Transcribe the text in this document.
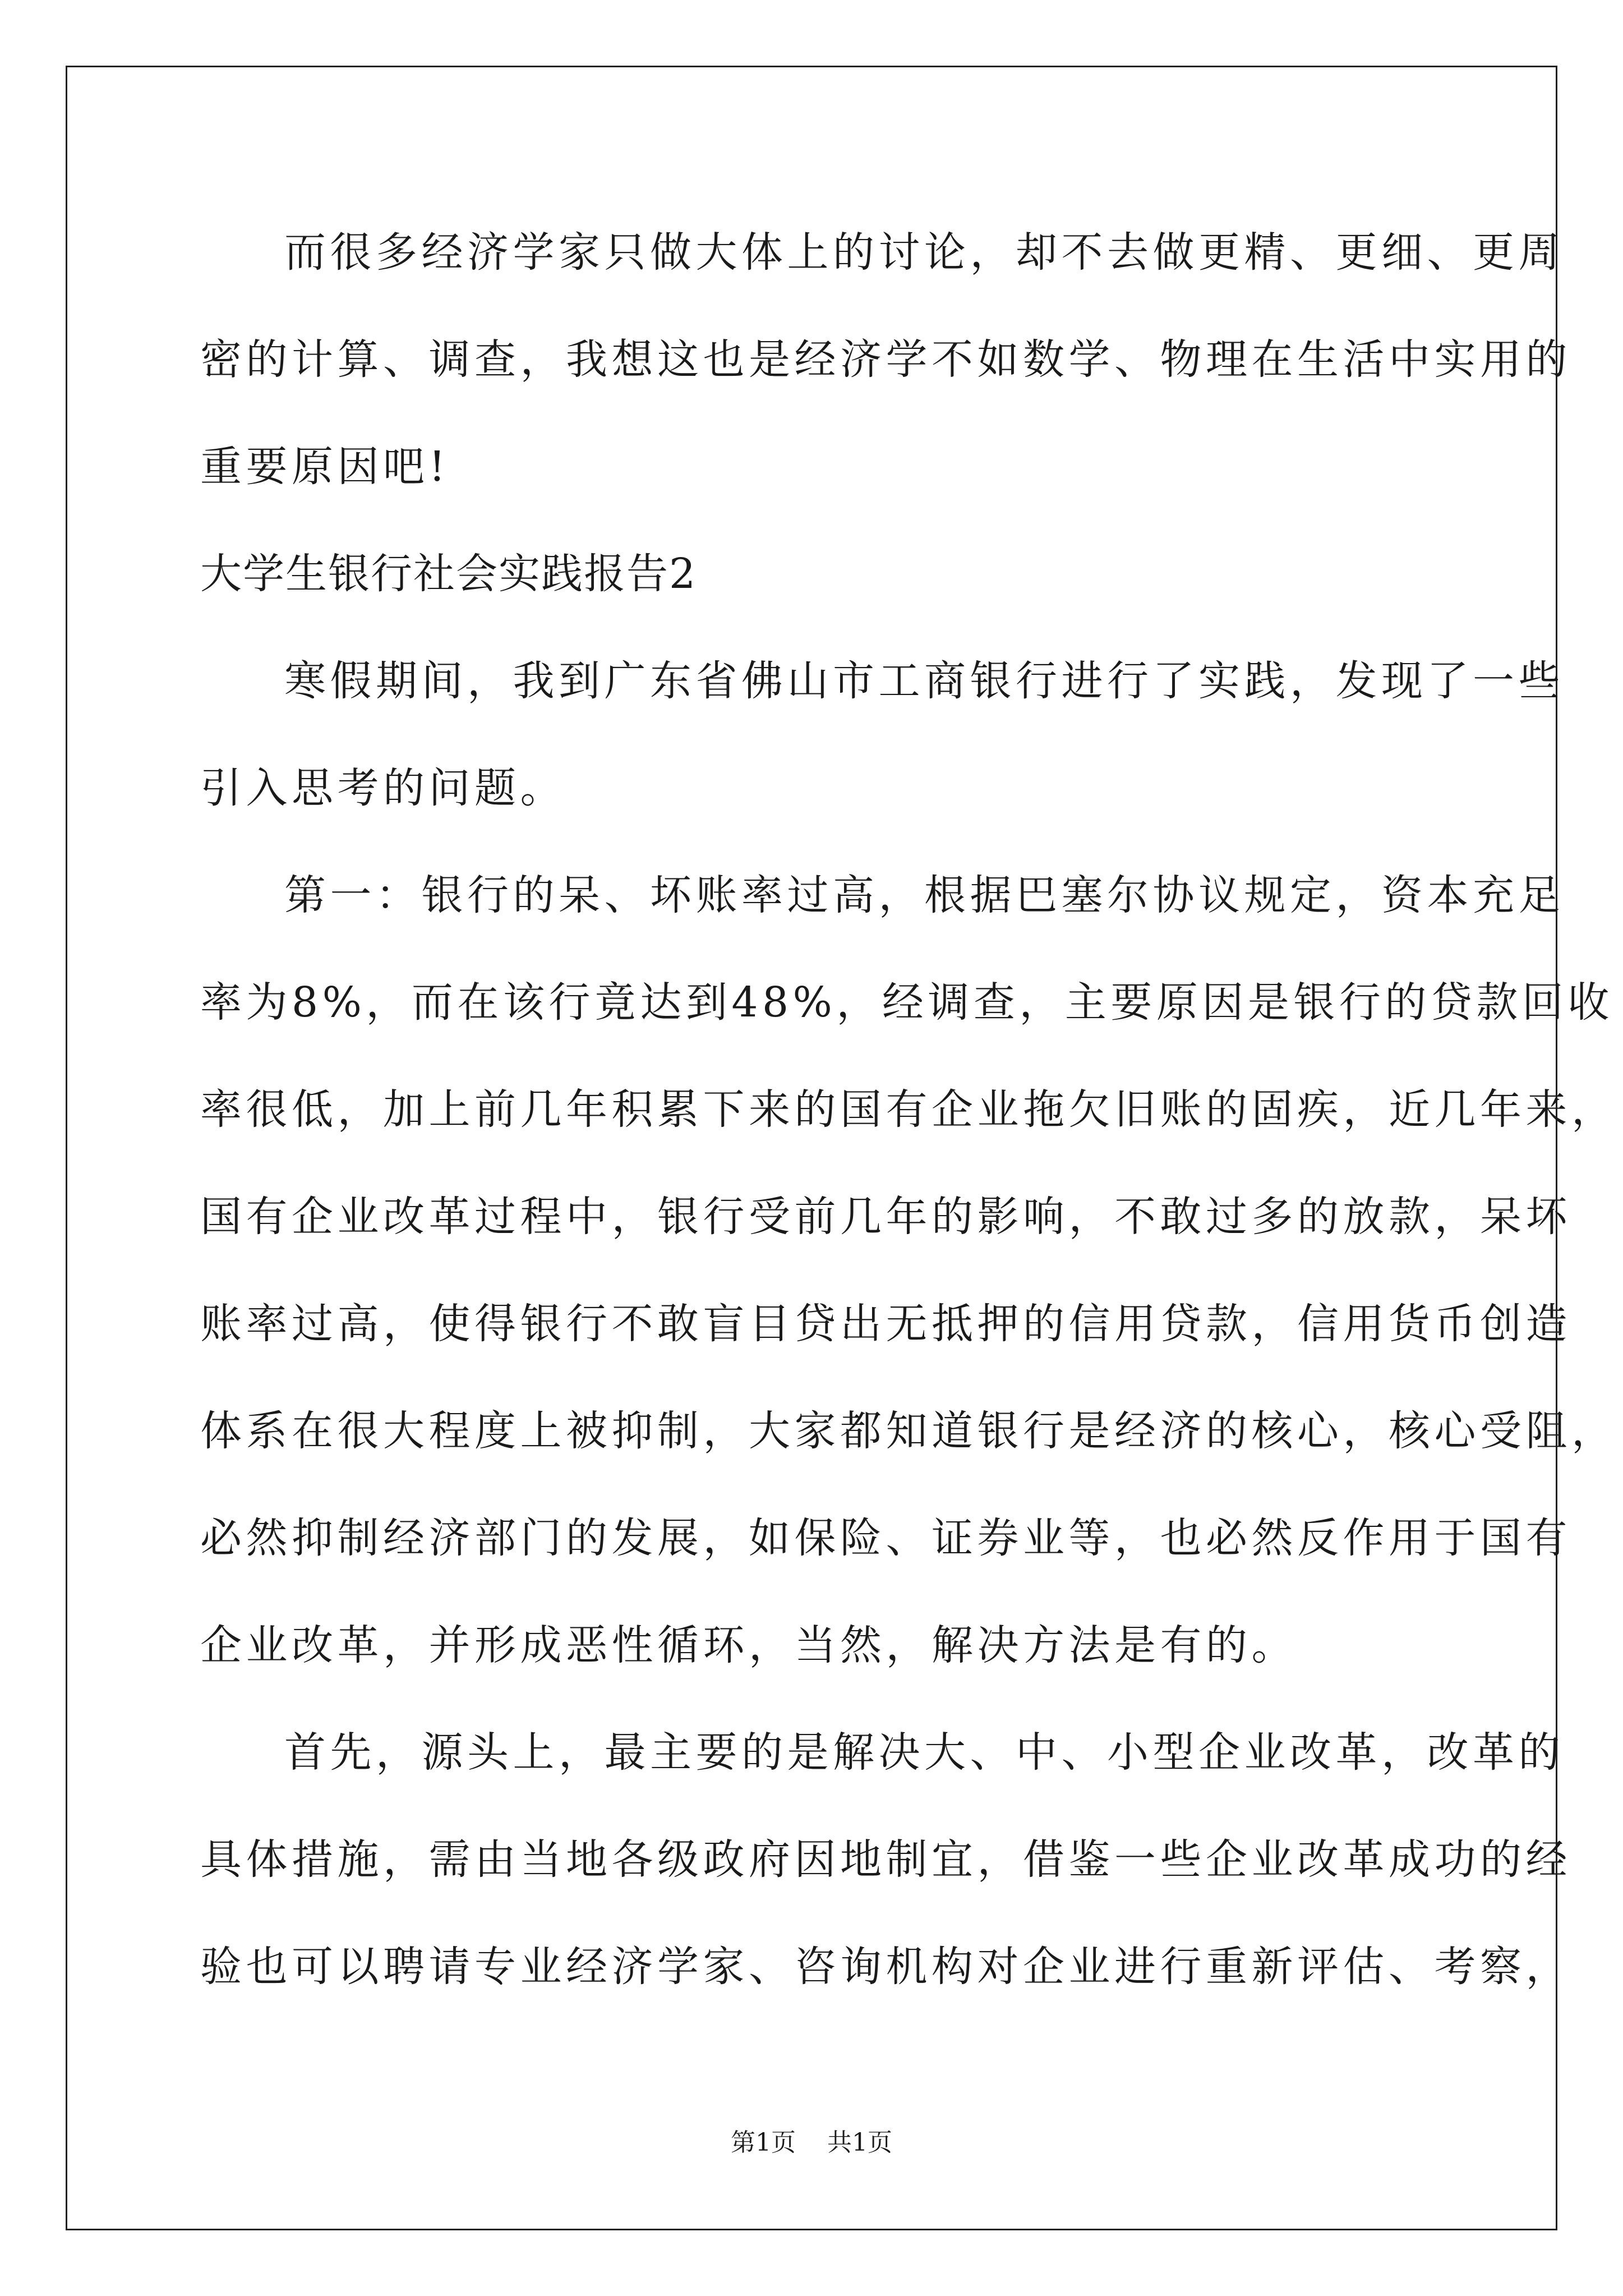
而很多经济学家只做大体上的讨论，却不去做更精、更细、更周

密的计算、调查，我想这也是经济学不如数学、物理在生活中实用的

重要原因吧!

大学生银行社会实践报告2

寒假期间，我到广东省佛山市工商银行进行了实践，发现了一些

引入思考的问题。

第一：银行的呆、坏账率过高，根据巴塞尔协议规定，资本充足

率为8%，而在该行竟达到48%，经调查，主要原因是银行的贷款回收

率很低，加上前几年积累下来的国有企业拖欠旧账的固疾，近几年来，

国有企业改革过程中，银行受前几年的影响，不敢过多的放款，呆坏

账率过高，使得银行不敢盲目贷出无抵押的信用贷款，信用货币创造

体系在很大程度上被抑制，大家都知道银行是经济的核心，核心受阻，

必然抑制经济部门的发展，如保险、证券业等，也必然反作用于国有

企业改革，并形成恶性循环，当然，解决方法是有的。

首先，源头上，最主要的是解决大、中、小型企业改革，改革的

具体措施，需由当地各级政府因地制宜，借鉴一些企业改革成功的经

验也可以聘请专业经济学家、咨询机构对企业进行重新评估、考察，

第1页    共1页
